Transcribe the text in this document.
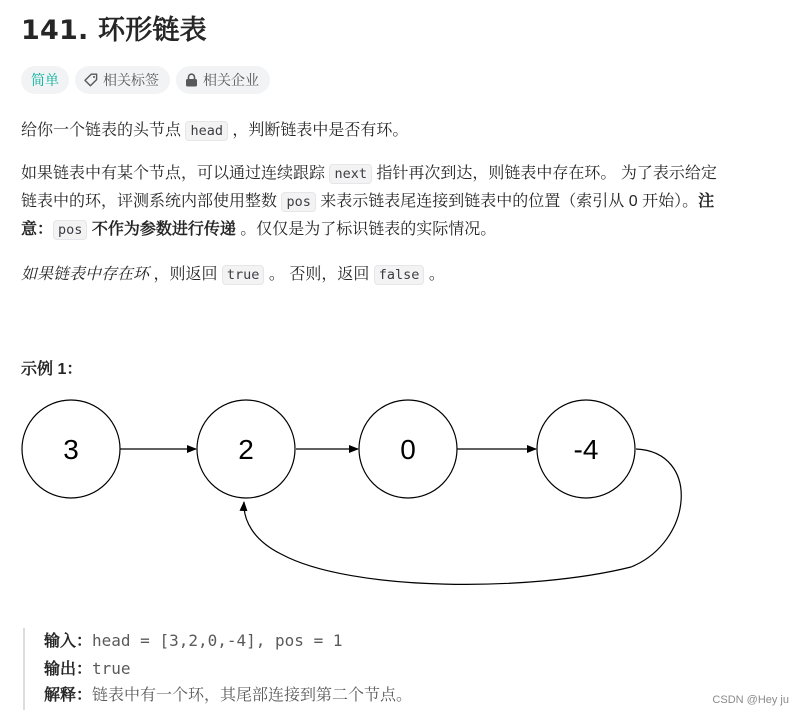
141. 环形链表
简单	相关标签	相关企业
给你一个链表的头节点 head ，判断链表中是否有环。
如果链表中有某个节点，可以通过连续跟踪 next 指针再次到达，则链表中存在环。 为了表示给定
链表中的环，评测系统内部使用整数 pos 来表示链表尾连接到链表中的位置（索引从 0 开始）。注
意： pos 不作为参数进行传递 。仅仅是为了标识链表的实际情况。
如果链表中存在环 ，则返回 true 。 否则，返回 false 。
示例 1：
3	2	0	-4
输入：head = [3,2,0,-4], pos = 1
输出：true
解释：链表中有一个环，其尾部连接到第二个节点。	CSDN @Hey ju
